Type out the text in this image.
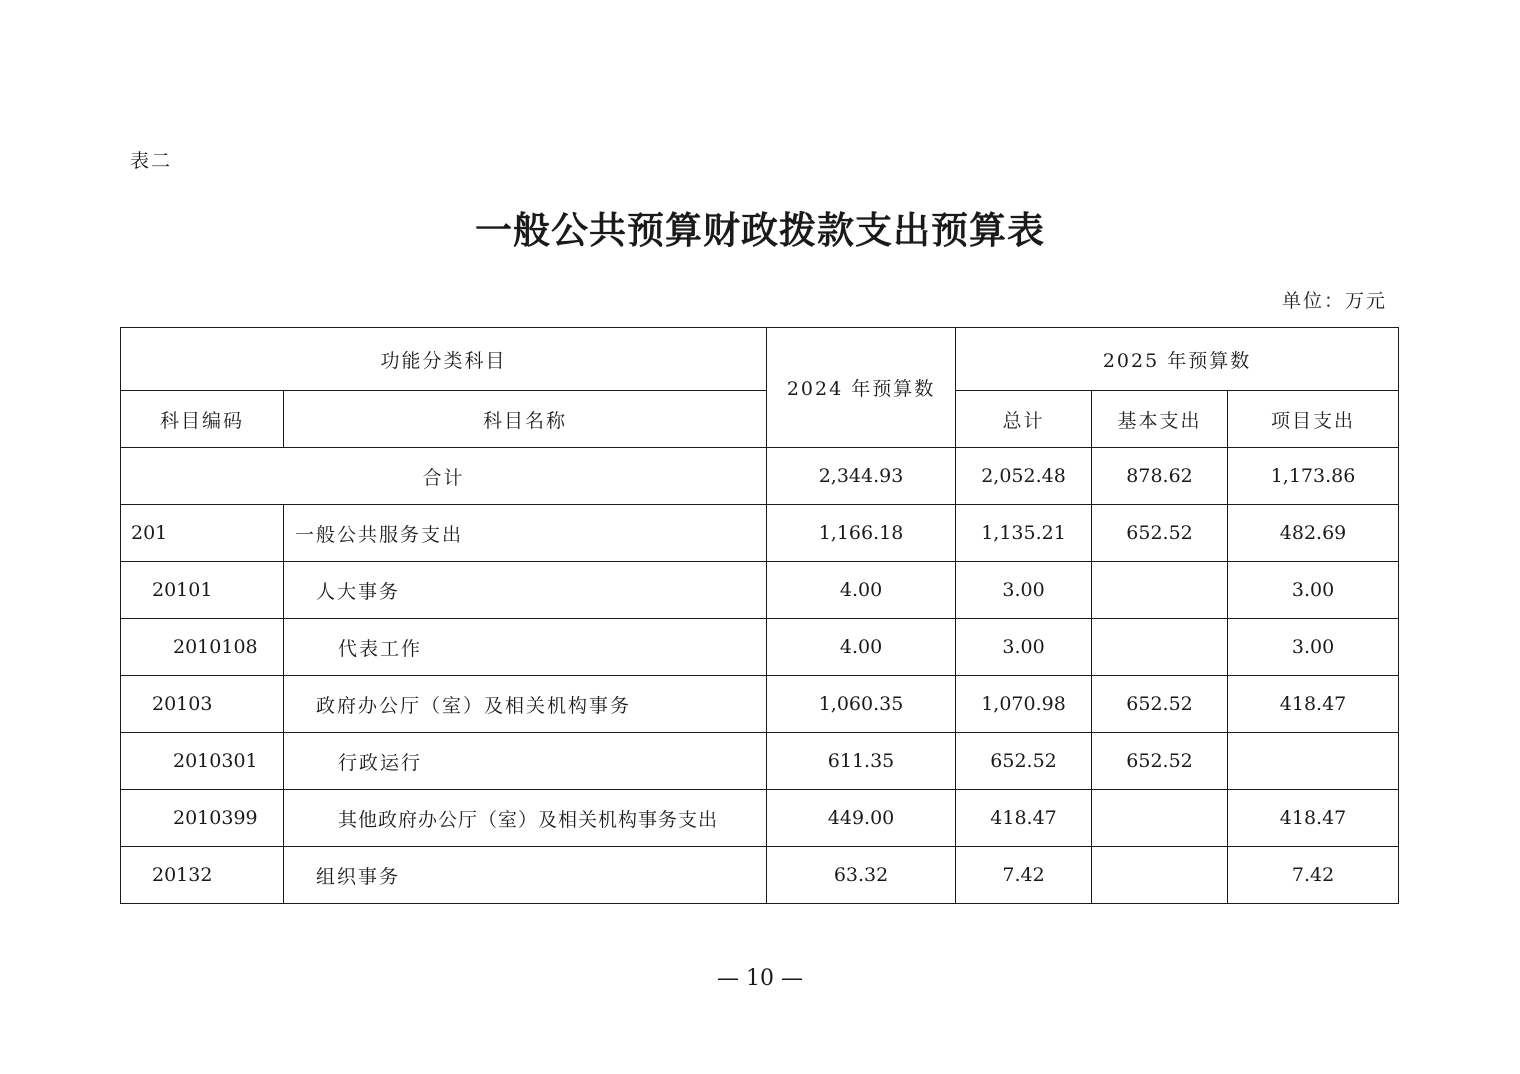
表二
一般公共预算财政拨款支出预算表
单位：万元
功能分类科目		2024 年预算数	2025 年预算数		
科目编码	科目名称		总计	基本支出	项目支出
合计		2,344.93	2,052.48	878.62	1,173.86
201	一般公共服务支出	1,166.18	1,135.21	652.52	482.69
20101	人大事务	4.00	3.00		3.00
2010108	代表工作	4.00	3.00		3.00
20103	政府办公厅（室）及相关机构事务	1,060.35	1,070.98	652.52	418.47
2010301	行政运行	611.35	652.52	652.52	
2010399	其他政府办公厅（室）及相关机构事务支出	449.00	418.47		418.47
20132	组织事务	63.32	7.42		7.42
— 10 —
